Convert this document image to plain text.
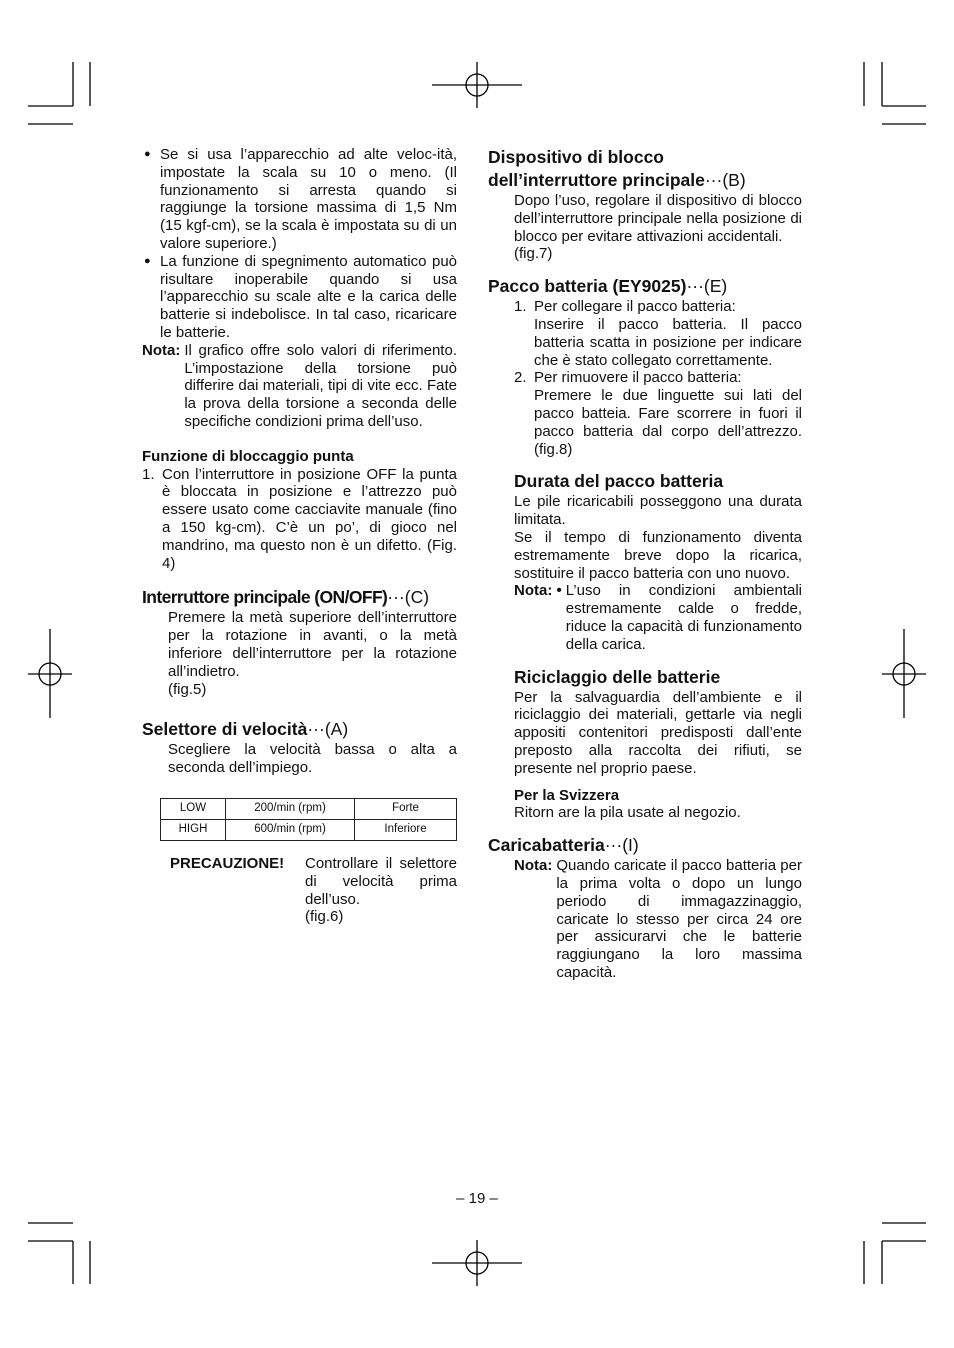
● Se si usa l’apparecchio ad alte veloc-ità, impostate la scala su 10 o meno. (Il funzionamento si arresta quando si raggiunge la torsione massima di 1,5 Nm (15 kgf-cm), se la scala è impostata su di un valore superiore.)

● La funzione di spegnimento automatico può risultare inoperabile quando si usa l’apparecchio su scale alte e la carica delle batterie si indebolisce. In tal caso, ricaricare le batterie.

Nota: Il grafico offre solo valori di riferimento. L’impostazione della torsione può differire dai materiali, tipi di vite ecc. Fate la prova della torsione a seconda delle specifiche condizioni prima dell’uso.
Funzione di bloccaggio punta

1. Con l’interruttore in posizione OFF la punta è bloccata in posizione e l’attrezzo può essere usato come cacciavite manuale (fino a 150 kg-cm). C’è un po’, di gioco nel mandrino, ma questo non è un difetto. (Fig. 4)

Interruttore principale (ON/OFF)···(C)

Premere la metà superiore dell’interruttore per la rotazione in avanti, o la metà inferiore dell’interruttore per la rotazione all’indietro.

(fig.5)

Selettore di velocità···(A)

Scegliere la velocità bassa o alta a seconda dell’impiego.

LOW	200/min (rpm)	Forte
HIGH	600/min (rpm)	Inferiore
PRECAUZIONE!	Controllare il selettore di velocità prima dell’uso.
(fig.6)
Dispositivo di blocco
dell’interruttore principale···(B)

Dopo l’uso, regolare il dispositivo di blocco dell’interruttore principale nella posizione di blocco per evitare attivazioni accidentali.

(fig.7)

Pacco batteria (EY9025)···(E)

1. Per collegare il pacco batteria:
Inserire il pacco batteria. Il pacco batteria scatta in posizione per indicare che è stato collegato correttamente.

2. Per rimuovere il pacco batteria:
Premere le due linguette sui lati del pacco batteia. Fare scorrere in fuori il pacco batteria dal corpo dell’attrezzo. (fig.8)

Durata del pacco batteria

Le pile ricaricabili posseggono una durata limitata.

Se il tempo di funzionamento diventa estremamente breve dopo la ricarica, sostituire il pacco batteria con uno nuovo.

Nota: • L’uso in condizioni ambientali estremamente calde o fredde, riduce la capacità di funzionamento della carica.
Riciclaggio delle batterie

Per la salvaguardia dell’ambiente e il riciclaggio dei materiali, gettarle via negli appositi contenitori predisposti dall’ente preposto alla raccolta dei rifiuti, se presente nel proprio paese.

Per la Svizzera

Ritorn are la pila usate al negozio.

Caricabatteria···(I)
Nota: Quando caricate il pacco batteria per la prima volta o dopo un lungo periodo di immagazzinaggio, caricate lo stesso per circa 24 ore per assicurarvi che le batterie raggiungano la loro massima capacità.
– 19 –
